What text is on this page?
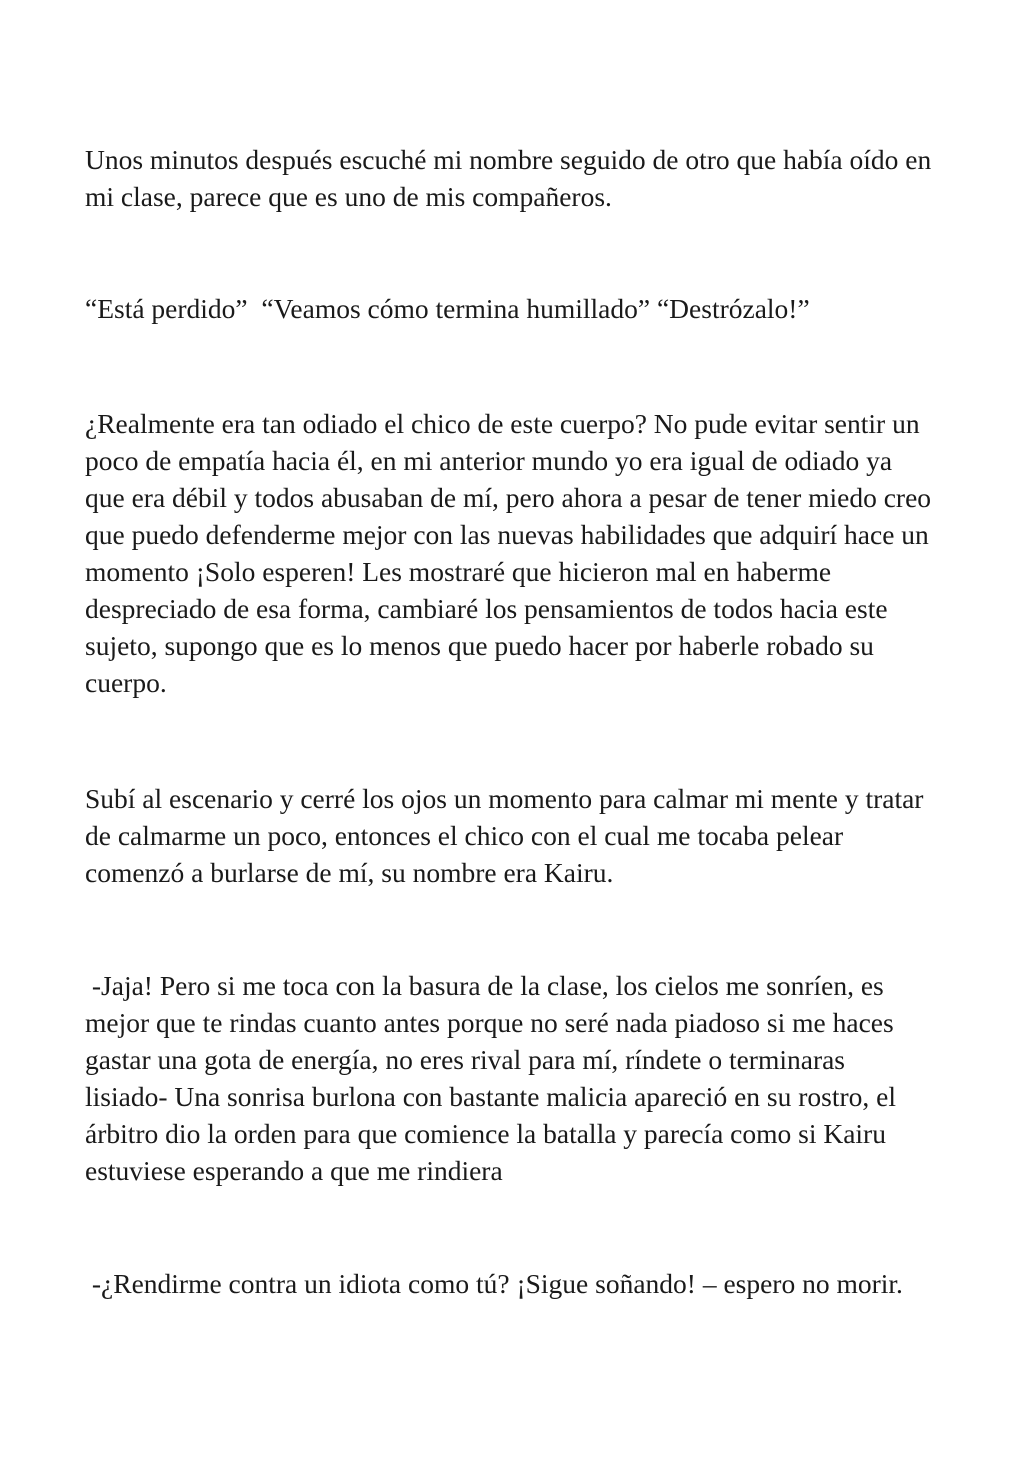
Unos minutos después escuché mi nombre seguido de otro que había oído en
mi clase, parece que es uno de mis compañeros.

“Está perdido”  “Veamos cómo termina humillado” “Destrózalo!”

¿Realmente era tan odiado el chico de este cuerpo? No pude evitar sentir un
poco de empatía hacia él, en mi anterior mundo yo era igual de odiado ya
que era débil y todos abusaban de mí, pero ahora a pesar de tener miedo creo
que puedo defenderme mejor con las nuevas habilidades que adquirí hace un
momento ¡Solo esperen! Les mostraré que hicieron mal en haberme
despreciado de esa forma, cambiaré los pensamientos de todos hacia este
sujeto, supongo que es lo menos que puedo hacer por haberle robado su
cuerpo.

Subí al escenario y cerré los ojos un momento para calmar mi mente y tratar
de calmarme un poco, entonces el chico con el cual me tocaba pelear
comenzó a burlarse de mí, su nombre era Kairu.

-Jaja! Pero si me toca con la basura de la clase, los cielos me sonríen, es
mejor que te rindas cuanto antes porque no seré nada piadoso si me haces
gastar una gota de energía, no eres rival para mí, ríndete o terminaras
lisiado- Una sonrisa burlona con bastante malicia apareció en su rostro, el
árbitro dio la orden para que comience la batalla y parecía como si Kairu
estuviese esperando a que me rindiera

-¿Rendirme contra un idiota como tú? ¡Sigue soñando! – espero no morir.
